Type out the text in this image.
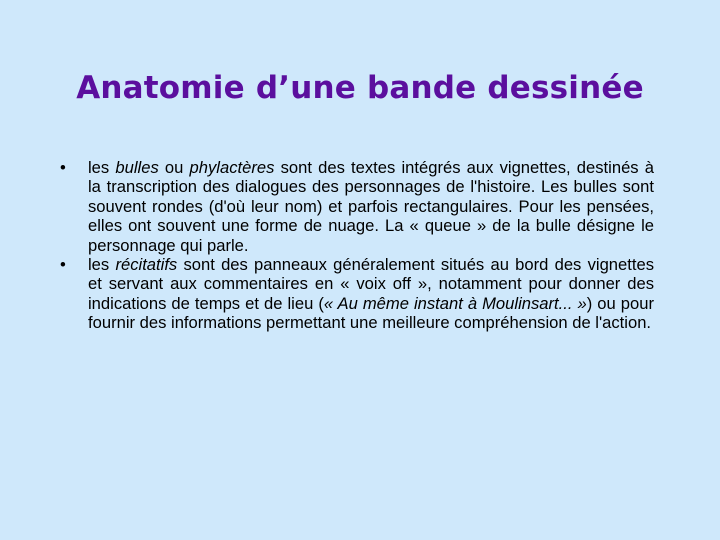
Anatomie d’une bande dessinée
•	les bulles ou phylactères sont des textes intégrés aux vignettes, destinés à la transcription des dialogues des personnages de l'histoire. Les bulles sont souvent rondes (d'où leur nom) et parfois rectangulaires. Pour les pensées, elles ont souvent une forme de nuage. La « queue » de la bulle désigne le personnage qui parle.
•	les récitatifs sont des panneaux généralement situés au bord des vignettes et servant aux commentaires en « voix off », notamment pour donner des indications de temps et de lieu (« Au même instant à Moulinsart... ») ou pour fournir des informations permettant une meilleure compréhension de l'action.
